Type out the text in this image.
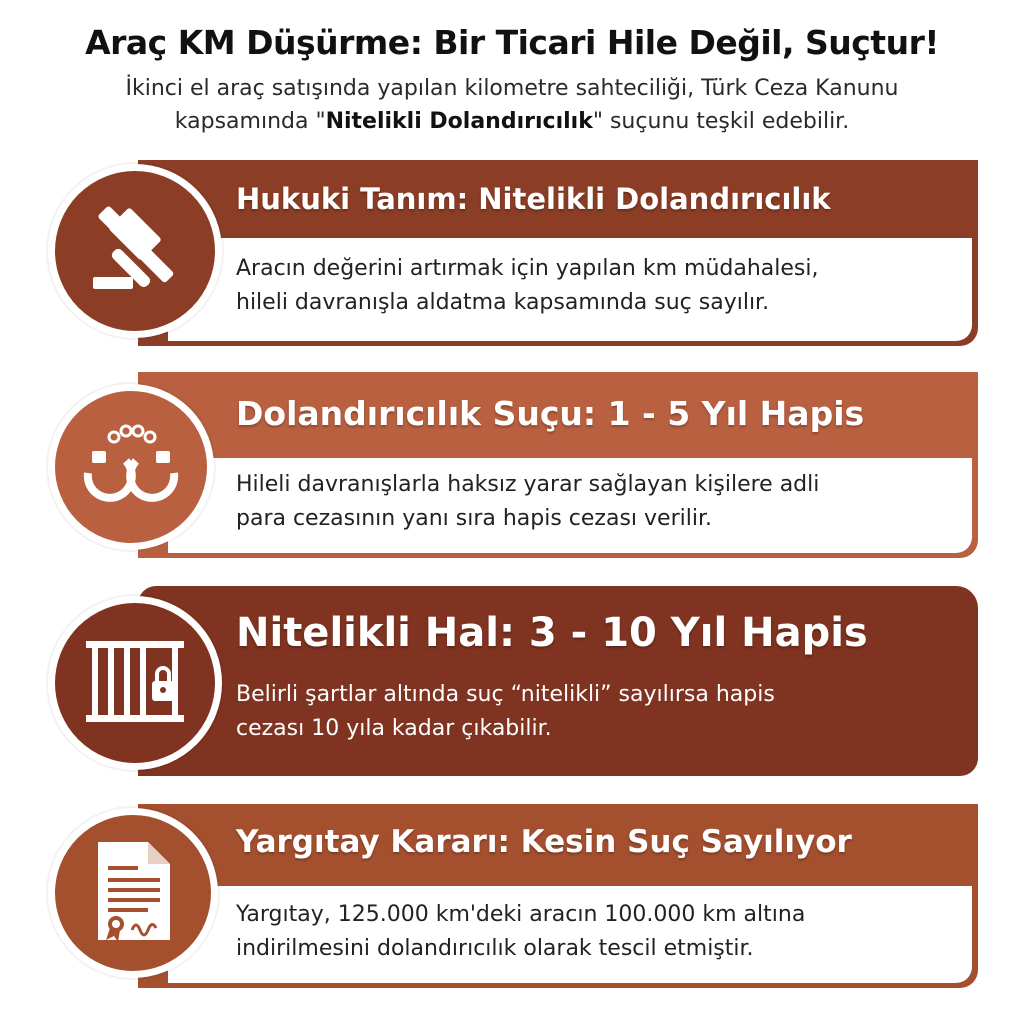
Araç KM Düşürme: Bir Ticari Hile Değil, Suçtur!
İkinci el araç satışında yapılan kilometre sahteciliği, Türk Ceza Kanunu
kapsamında "Nitelikli Dolandırıcılık" suçunu teşkil edebilir.
Hukuki Tanım: Nitelikli Dolandırıcılık
Aracın değerini artırmak için yapılan km müdahalesi,
hileli davranışla aldatma kapsamında suç sayılır.
Dolandırıcılık Suçu: 1 - 5 Yıl Hapis
Hileli davranışlarla haksız yarar sağlayan kişilere adli
para cezasının yanı sıra hapis cezası verilir.
Nitelikli Hal: 3 - 10 Yıl Hapis
Belirli şartlar altında suç “nitelikli” sayılırsa hapis
cezası 10 yıla kadar çıkabilir.
Yargıtay Kararı: Kesin Suç Sayılıyor
Yargıtay, 125.000 km'deki aracın 100.000 km altına
indirilmesini dolandırıcılık olarak tescil etmiştir.
